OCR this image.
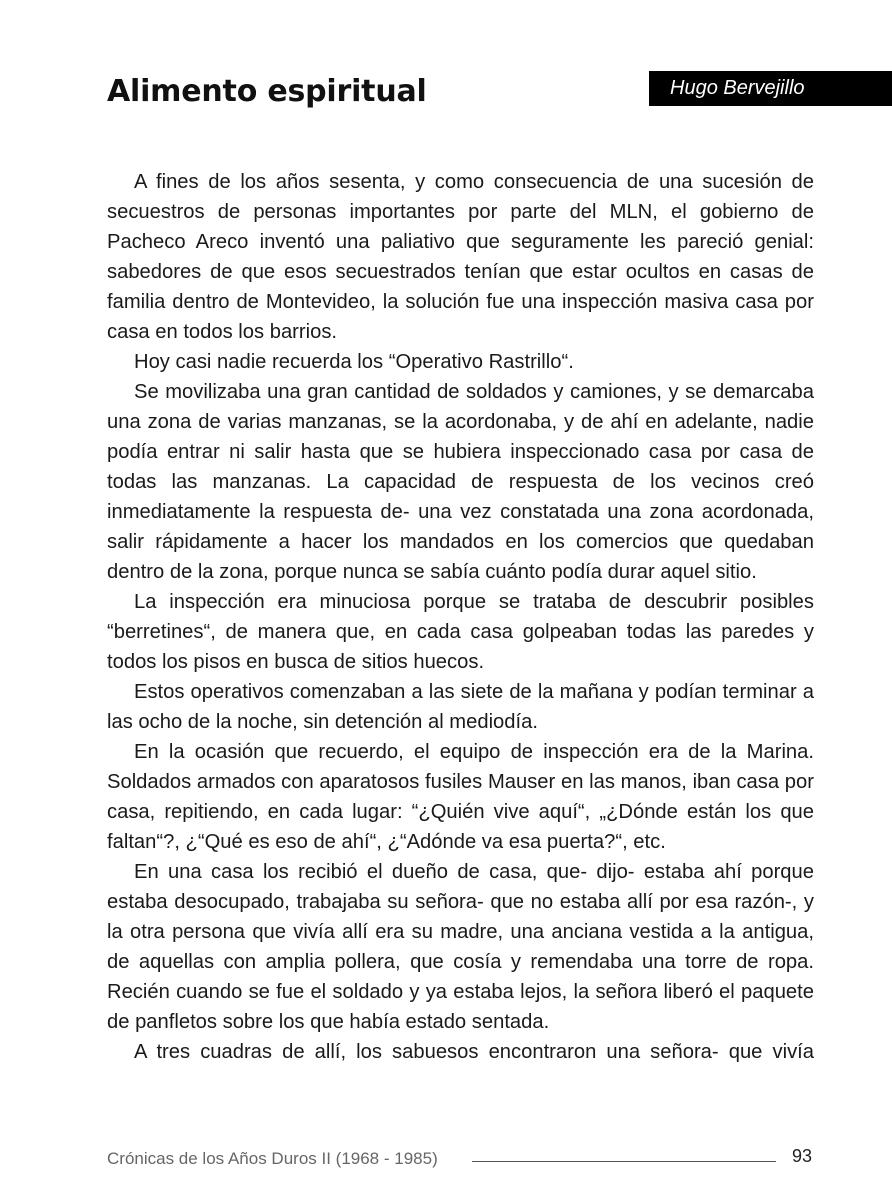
Alimento espiritual	Hugo Bervejillo

A fines de los años sesenta, y como consecuencia de una sucesión de secuestros de personas importantes por parte del MLN, el gobierno de Pacheco Areco inventó una paliativo que seguramente les pareció genial: sabedores de que esos secuestrados tenían que estar ocultos en casas de familia dentro de Montevideo, la solución fue una inspección masiva casa por casa en todos los barrios.

Hoy casi nadie recuerda los “Operativo Rastrillo“.

Se movilizaba una gran cantidad de soldados y camiones, y se demarcaba una zona de varias manzanas, se la acordonaba, y de ahí en adelante, nadie podía entrar ni salir hasta que se hubiera inspeccionado casa por casa de todas las manzanas. La capacidad de respuesta de los vecinos creó inmediatamente la respuesta de- una vez constatada una zona acordonada, salir rápidamente a hacer los mandados en los comercios que quedaban dentro de la zona, porque nunca se sabía cuánto podía durar aquel sitio.

La inspección era minuciosa porque se trataba de descubrir posibles “berretines“, de manera que, en cada casa golpeaban todas las paredes y todos los pisos en busca de sitios huecos.

Estos operativos comenzaban a las siete de la mañana y podían terminar a las ocho de la noche, sin detención al mediodía.

En la ocasión que recuerdo, el equipo de inspección era de la Marina. Soldados armados con aparatosos fusiles Mauser en las manos, iban casa por casa, repitiendo, en cada lugar: “¿Quién vive aquí“, „¿Dónde están los que faltan“?, ¿“Qué es eso de ahí“, ¿“Adónde va esa puerta?“, etc.

En una casa los recibió el dueño de casa, que- dijo- estaba ahí porque estaba desocupado, trabajaba su señora- que no estaba allí por esa razón-, y la otra persona que vivía allí era su madre, una anciana vestida a la antigua, de aquellas con amplia pollera, que cosía y remendaba una torre de ropa. Recién cuando se fue el soldado y ya estaba lejos, la señora liberó el paquete de panfletos sobre los que había estado sentada.

A tres cuadras de allí, los sabuesos encontraron una señora- que vivía

Crónicas de los Años Duros II (1968 - 1985)	93
